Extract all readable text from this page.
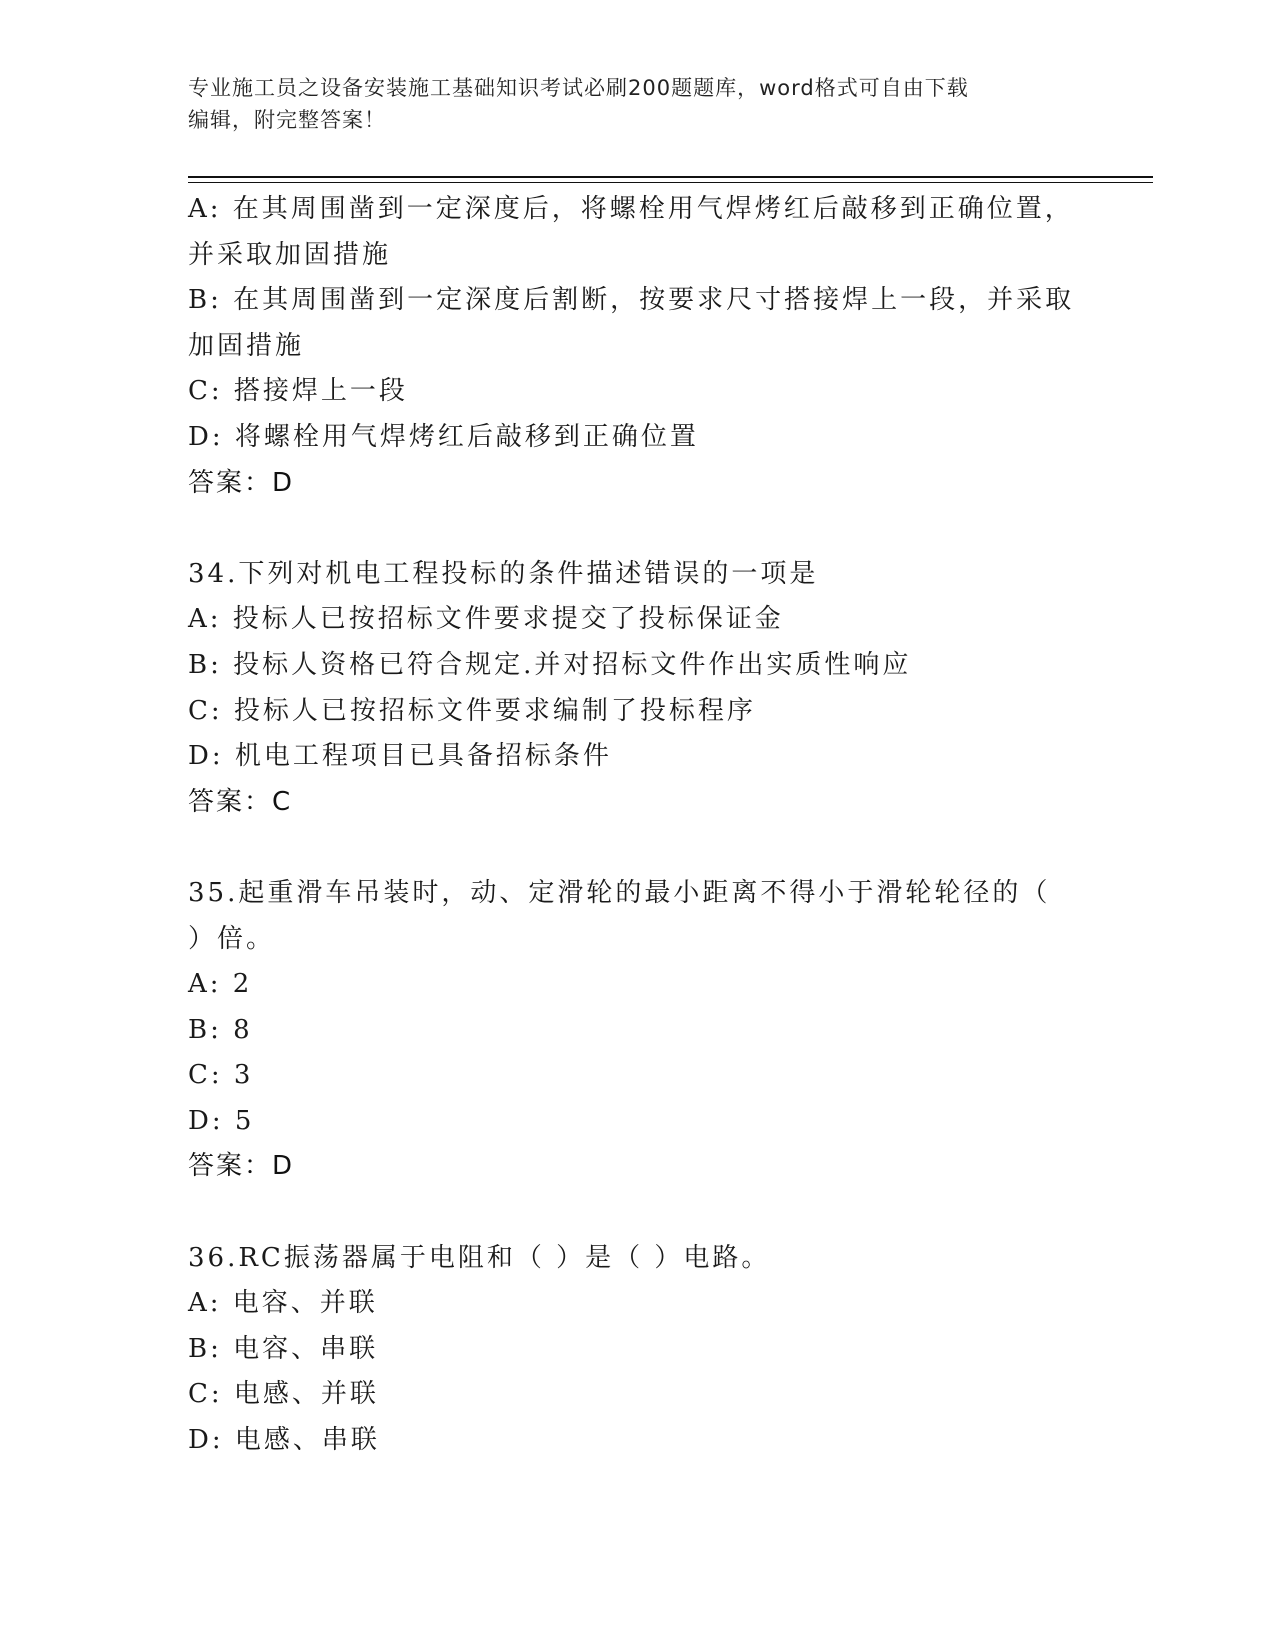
专业施工员之设备安装施工基础知识考试必刷200题题库，word格式可自由下载
编辑，附完整答案！
A: 在其周围凿到一定深度后，将螺栓用气焊烤红后敲移到正确位置，
并采取加固措施
B: 在其周围凿到一定深度后割断，按要求尺寸搭接焊上一段，并采取
加固措施
C: 搭接焊上一段
D: 将螺栓用气焊烤红后敲移到正确位置
答案：D
34.下列对机电工程投标的条件描述错误的一项是
A: 投标人已按招标文件要求提交了投标保证金
B: 投标人资格已符合规定.并对招标文件作出实质性响应
C: 投标人已按招标文件要求编制了投标程序
D: 机电工程项目已具备招标条件
答案：C
35.起重滑车吊装时，动、定滑轮的最小距离不得小于滑轮轮径的（
）倍。
A: 2
B: 8
C: 3
D: 5
答案：D
36.RC振荡器属于电阻和（ ）是（ ）电路。
A: 电容、并联
B: 电容、串联
C: 电感、并联
D: 电感、串联
